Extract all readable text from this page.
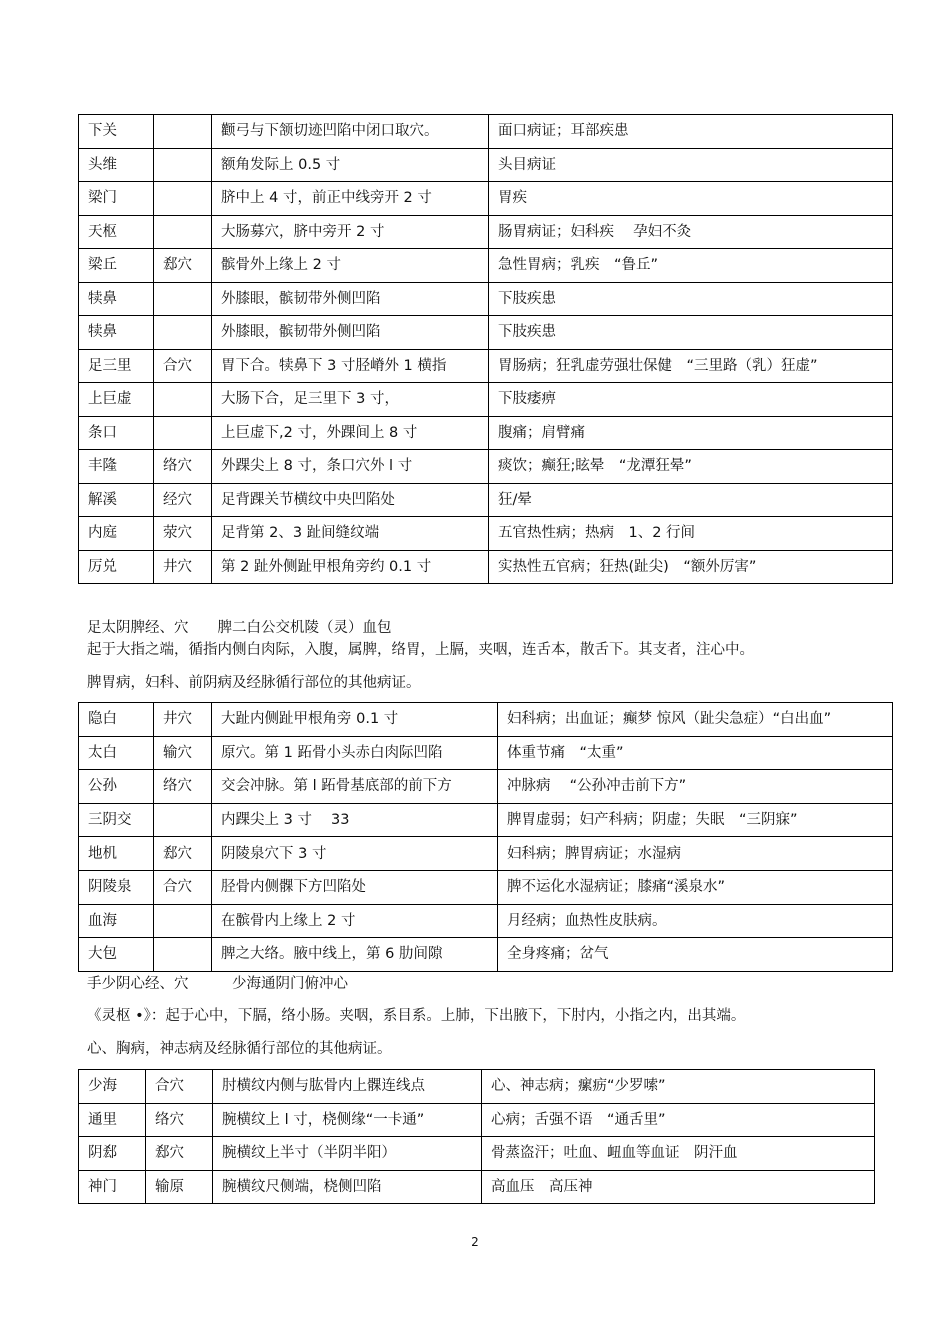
下关		颧弓与下颔切迹凹陷中闭口取穴。	面口病证；耳部疾患
头维		额角发际上 0.5 寸	头目病证
梁门		脐中上 4 寸，前正中线旁开 2 寸	胃疾
天枢		大肠募穴，脐中旁开 2 寸	肠胃病证；妇科疾　 孕妇不灸
梁丘	郄穴	髌骨外上缘上 2 寸	急性胃病；乳疾　“鲁丘”
犊鼻		外膝眼，髌韧带外侧凹陷	下肢疾患
犊鼻		外膝眼，髌韧带外侧凹陷	下肢疾患
足三里	合穴	胃下合。犊鼻下 3 寸胫嵴外 1 横指	胃肠病；狂乳虚劳强壮保健　“三里路（乳）狂虚”
上巨虚		大肠下合，足三里下 3 寸，	下肢痿痹
条口		上巨虚下,2 寸，外踝间上 8 寸	腹痛；肩臂痛
丰隆	络穴	外踝尖上 8 寸，条口穴外 l 寸	痰饮；癫狂;眩晕　“龙潭狂晕”
解溪	经穴	足背踝关节横纹中央凹陷处	狂/晕
内庭	荥穴	足背第 2、3 趾间缝纹端	五官热性病；热病　1、2 行间
厉兑	井穴	第 2 趾外侧趾甲根角旁约 0.1 寸	实热性五官病；狂热(趾尖)　“额外厉害”
足太阴脾经、穴　　脾二白公交机陵（灵）血包
起于大指之端，循指内侧白肉际，入腹，属脾，络胃，上膈，夹咽，连舌本，散舌下。其支者，注心中。
脾胃病，妇科、前阴病及经脉循行部位的其他病证。
隐白	井穴	大趾内侧趾甲根角旁 0.1 寸	妇科病；出血证；癫梦 惊风（趾尖急症）“白出血”
太白	输穴	原穴。第 1 跖骨小头赤白肉际凹陷	体重节痛　“太重”
公孙	络穴	交会冲脉。第 l 跖骨基底部的前下方	冲脉病　 “公孙冲击前下方”
三阴交		内踝尖上 3 寸　 33	脾胃虚弱；妇产科病；阴虚；失眠　“三阴寐”
地机	郄穴	阴陵泉穴下 3 寸	妇科病；脾胃病证；水湿病
阴陵泉	合穴	胫骨内侧髁下方凹陷处	脾不运化水湿病证；膝痛“溪泉水”
血海		在髌骨内上缘上 2 寸	月经病；血热性皮肤病。
大包		脾之大络。腋中线上，第 6 肋间隙	全身疼痛；岔气
手少阴心经、穴　　　少海通阴门俯冲心
《灵枢 •》：起于心中，下膈，络小肠。夹咽，系目系。上肺，下出腋下，下肘内，小指之内，出其端。
心、胸病，神志病及经脉循行部位的其他病证。
少海	合穴	肘横纹内侧与肱骨内上髁连线点	心、神志病；瘰疬“少罗嗦”
通里	络穴	腕横纹上 l 寸，桡侧缘“一卡通”	心病；舌强不语　“通舌里”
阴郄	郄穴	腕横纹上半寸（半阴半阳）	骨蒸盗汗；吐血、衄血等血证　阴汗血
神门	输原	腕横纹尺侧端，桡侧凹陷	高血压　高压神
2
